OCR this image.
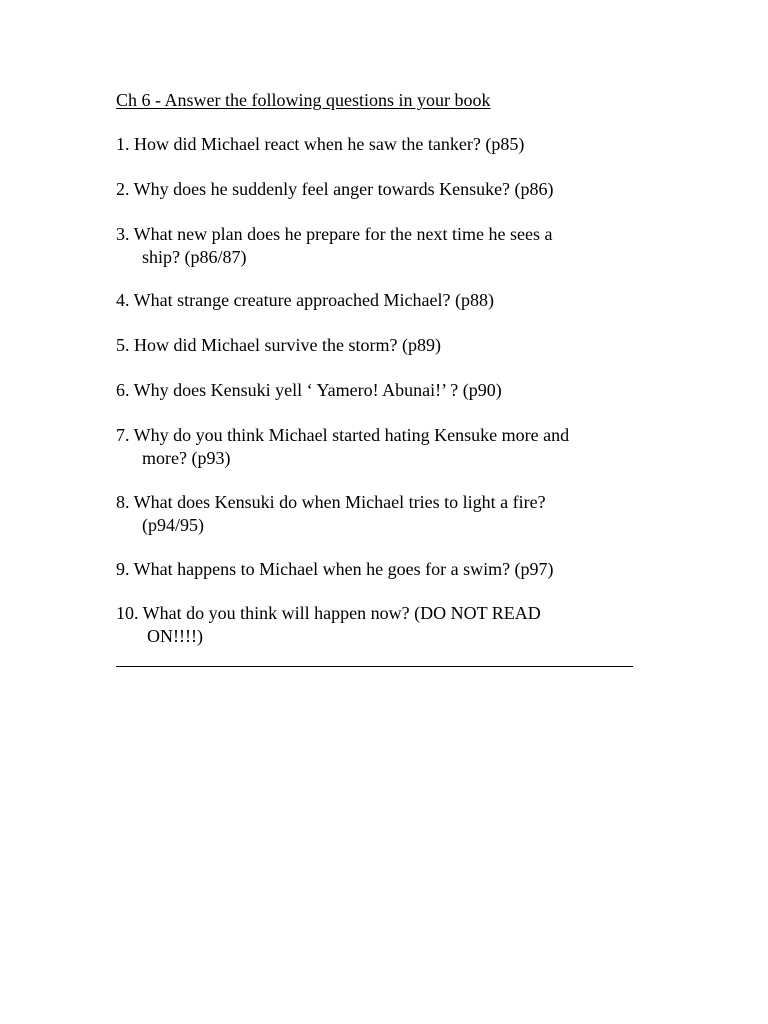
Ch 6 - Answer the following questions in your book

1. How did Michael react when he saw the tanker? (p85)

2. Why does he suddenly feel anger towards Kensuke? (p86)

3. What new plan does he prepare for the next time he sees a
ship? (p86/87)

4. What strange creature approached Michael? (p88)

5. How did Michael survive the storm? (p89)

6. Why does Kensuki yell ‘ Yamero! Abunai!’ ? (p90)

7. Why do you think Michael started hating Kensuke more and
more? (p93)

8. What does Kensuki do when Michael tries to light a fire?
(p94/95)

9. What happens to Michael when he goes for a swim? (p97)

10. What do you think will happen now? (DO NOT READ
ON!!!!)
